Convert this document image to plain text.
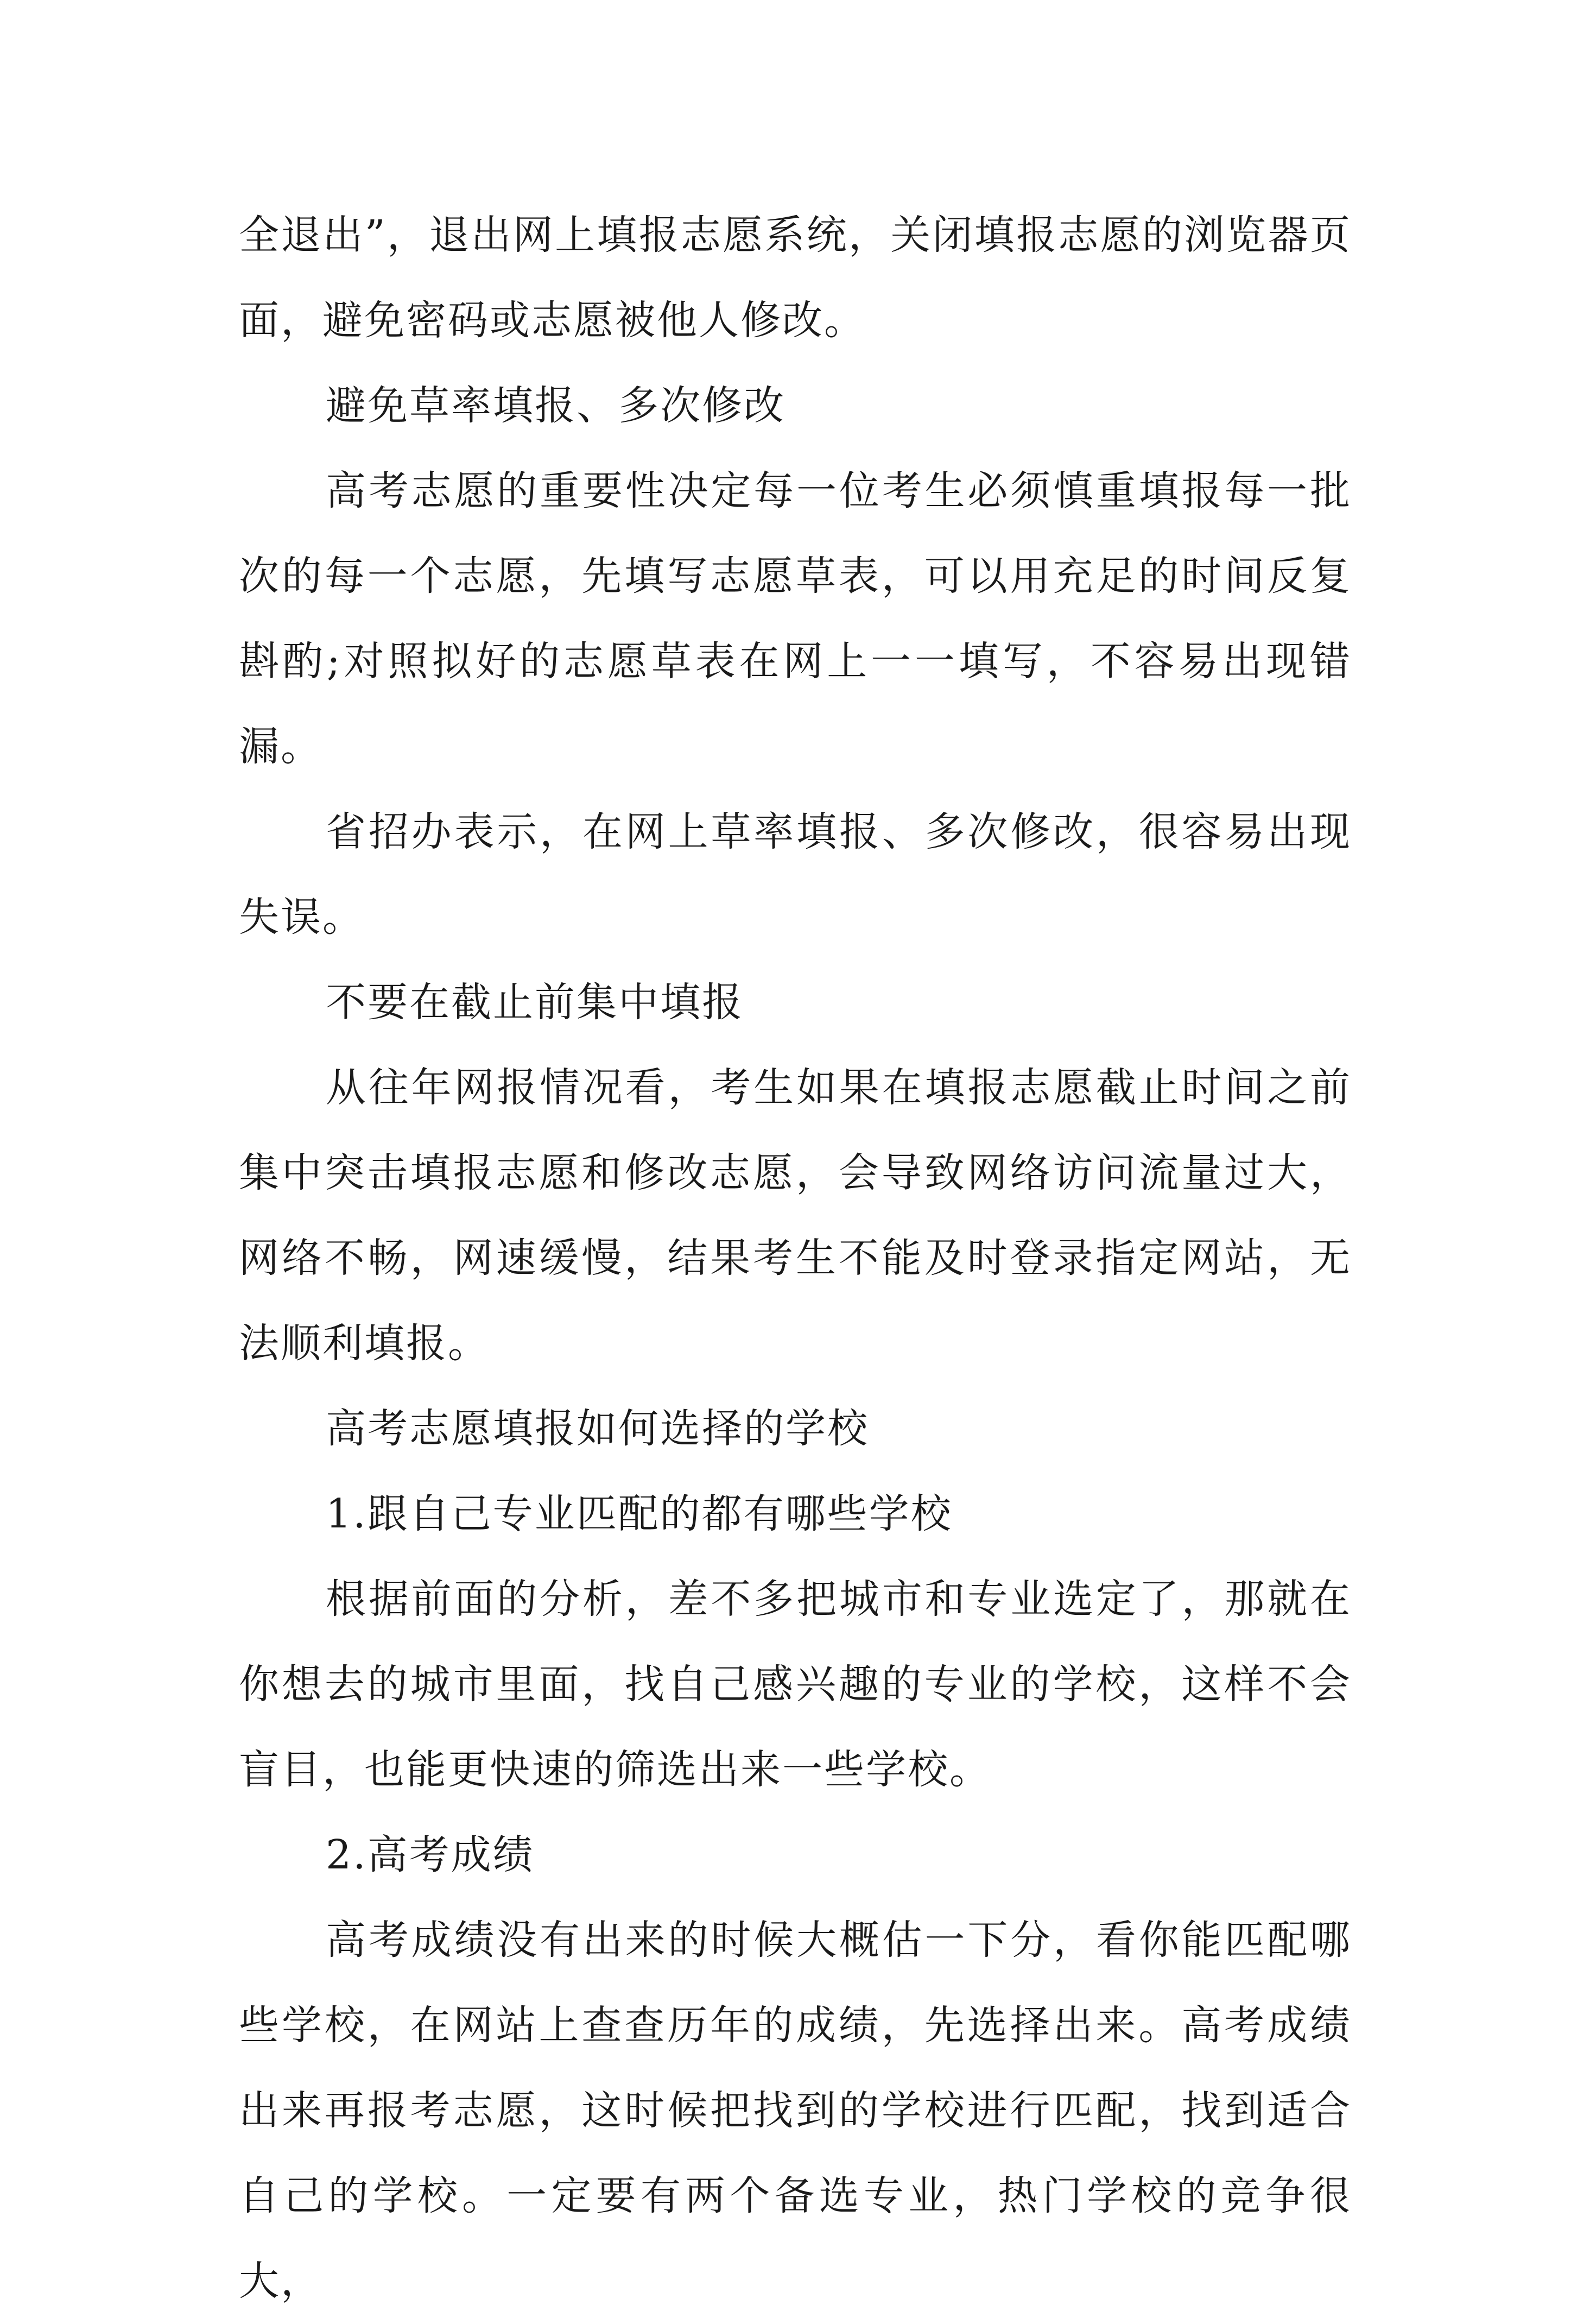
全退出”，退出网上填报志愿系统，关闭填报志愿的浏览器页面，避免密码或志愿被他人修改。

避免草率填报、多次修改

高考志愿的重要性决定每一位考生必须慎重填报每一批次的每一个志愿，先填写志愿草表，可以用充足的时间反复斟酌;对照拟好的志愿草表在网上一一填写，不容易出现错漏。

省招办表示，在网上草率填报、多次修改，很容易出现失误。

不要在截止前集中填报

从往年网报情况看，考生如果在填报志愿截止时间之前集中突击填报志愿和修改志愿，会导致网络访问流量过大，网络不畅，网速缓慢，结果考生不能及时登录指定网站，无法顺利填报。

高考志愿填报如何选择的学校

1.跟自己专业匹配的都有哪些学校

根据前面的分析，差不多把城市和专业选定了，那就在你想去的城市里面，找自己感兴趣的专业的学校，这样不会盲目，也能更快速的筛选出来一些学校。

2.高考成绩

高考成绩没有出来的时候大概估一下分，看你能匹配哪些学校，在网站上查查历年的成绩，先选择出来。高考成绩出来再报考志愿，这时候把找到的学校进行匹配，找到适合自己的学校。一定要有两个备选专业，热门学校的竞争很大，
